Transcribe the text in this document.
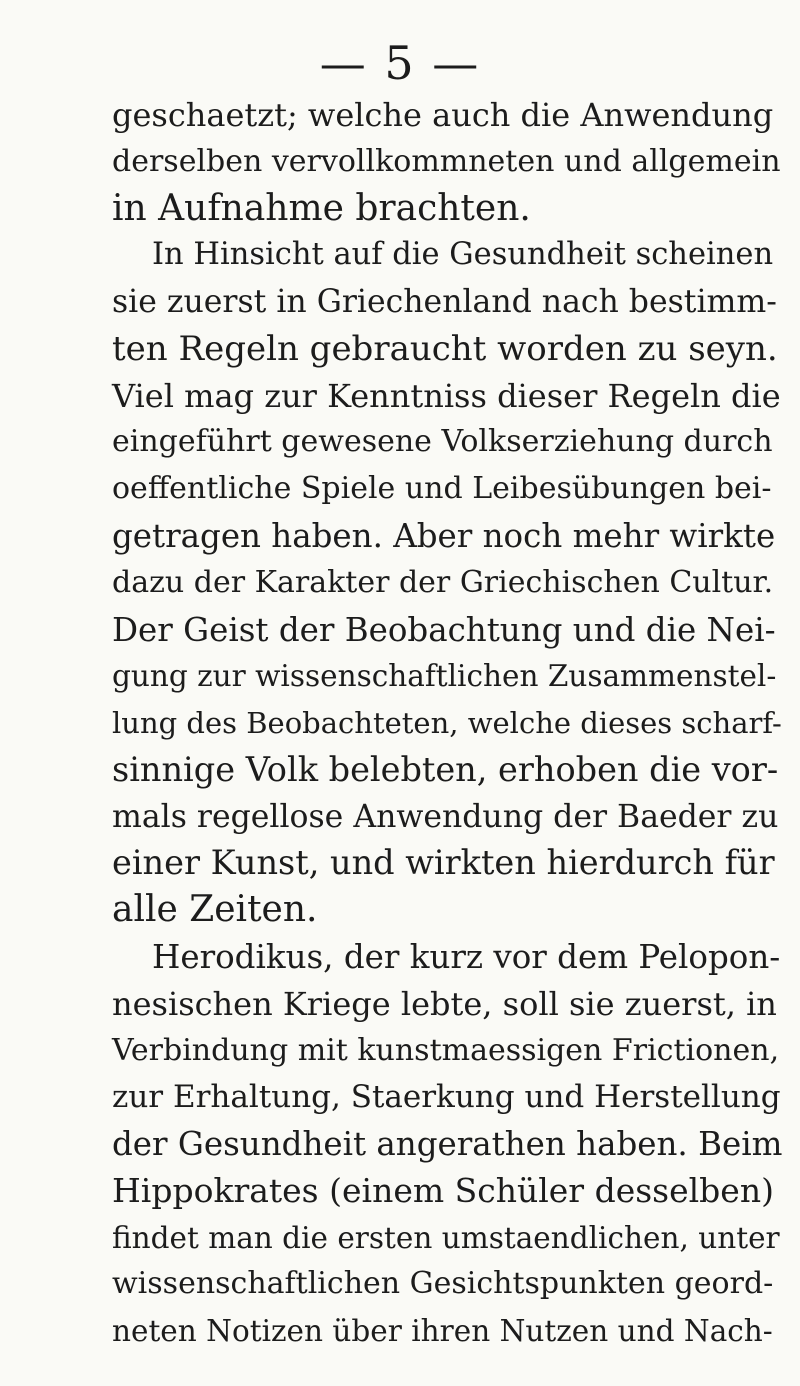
— 5 —
geschaetzt; welche auch die Anwendung
derselben vervollkommneten und allgemein
in Aufnahme brachten.
In Hinsicht auf die Gesundheit scheinen
sie zuerst in Griechenland nach bestimm-
ten Regeln gebraucht worden zu seyn.
Viel mag zur Kenntniss dieser Regeln die
eingeführt gewesene Volkserziehung durch
oeffentliche Spiele und Leibesübungen bei-
getragen haben. Aber noch mehr wirkte
dazu der Karakter der Griechischen Cultur.
Der Geist der Beobachtung und die Nei-
gung zur wissenschaftlichen Zusammenstel-
lung des Beobachteten, welche dieses scharf-
sinnige Volk belebten, erhoben die vor-
mals regellose Anwendung der Baeder zu
einer Kunst, und wirkten hierdurch für
alle Zeiten.
Herodikus, der kurz vor dem Pelopon-
nesischen Kriege lebte, soll sie zuerst, in
Verbindung mit kunstmaessigen Frictionen,
zur Erhaltung, Staerkung und Herstellung
der Gesundheit angerathen haben. Beim
Hippokrates (einem Schüler desselben)
findet man die ersten umstaendlichen, unter
wissenschaftlichen Gesichtspunkten geord-
neten Notizen über ihren Nutzen und Nach-
